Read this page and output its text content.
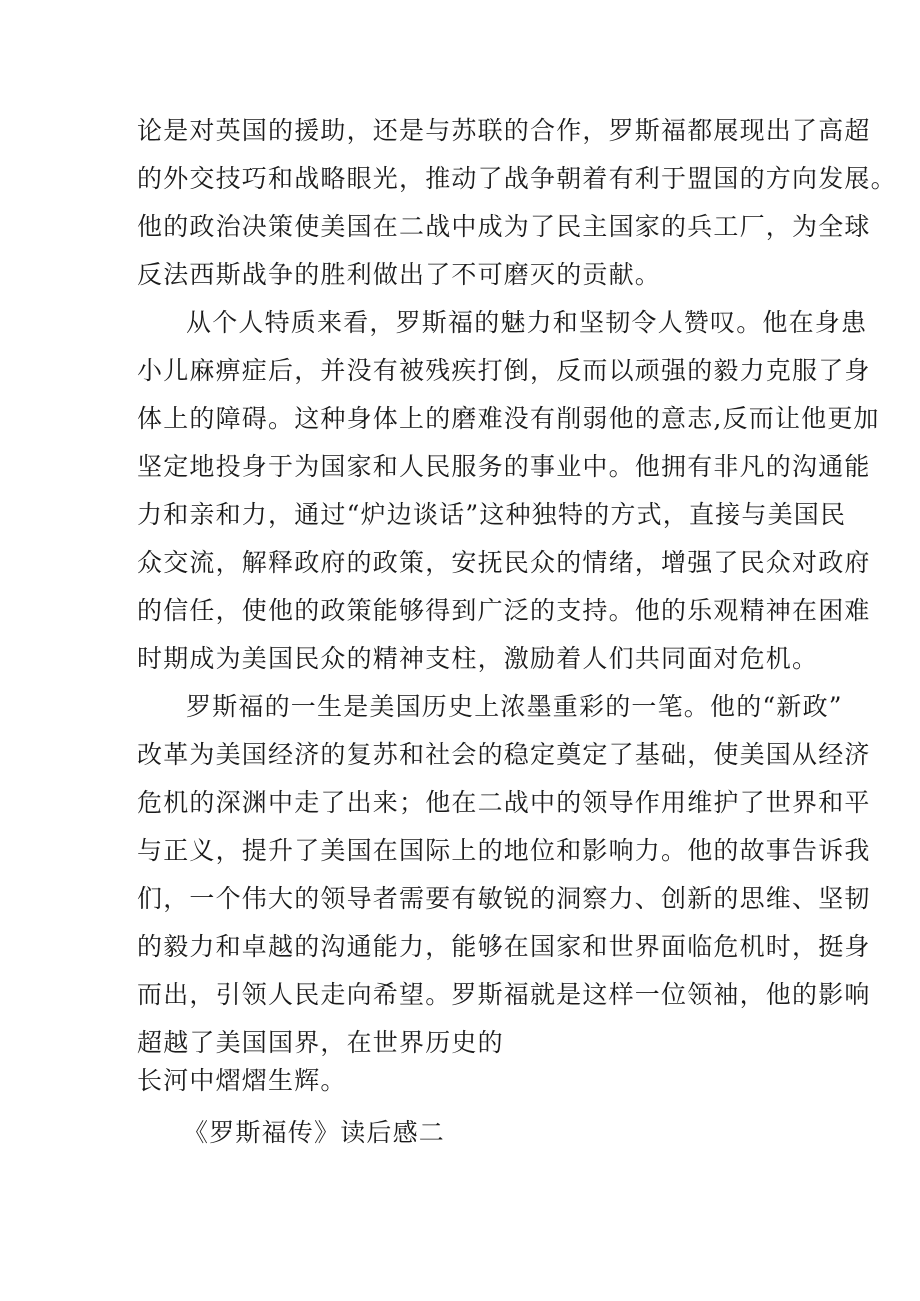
论是对英国的援助，还是与苏联的合作，罗斯福都展现出了高超
的外交技巧和战略眼光，推动了战争朝着有利于盟国的方向发展。
他的政治决策使美国在二战中成为了民主国家的兵工厂，为全球
反法西斯战争的胜利做出了不可磨灭的贡献。
从个人特质来看，罗斯福的魅力和坚韧令人赞叹。他在身患
小儿麻痹症后，并没有被残疾打倒，反而以顽强的毅力克服了身
体上的障碍。这种身体上的磨难没有削弱他的意志,反而让他更加
坚定地投身于为国家和人民服务的事业中。他拥有非凡的沟通能
力和亲和力，通过“炉边谈话”这种独特的方式，直接与美国民
众交流，解释政府的政策，安抚民众的情绪，增强了民众对政府
的信任，使他的政策能够得到广泛的支持。他的乐观精神在困难
时期成为美国民众的精神支柱，激励着人们共同面对危机。
罗斯福的一生是美国历史上浓墨重彩的一笔。他的“新政”
改革为美国经济的复苏和社会的稳定奠定了基础，使美国从经济
危机的深渊中走了出来；他在二战中的领导作用维护了世界和平
与正义，提升了美国在国际上的地位和影响力。他的故事告诉我
们，一个伟大的领导者需要有敏锐的洞察力、创新的思维、坚韧
的毅力和卓越的沟通能力，能够在国家和世界面临危机时，挺身
而出，引领人民走向希望。罗斯福就是这样一位领袖，他的影响
超越了美国国界，在世界历史的
长河中熠熠生辉。
《罗斯福传》读后感二
